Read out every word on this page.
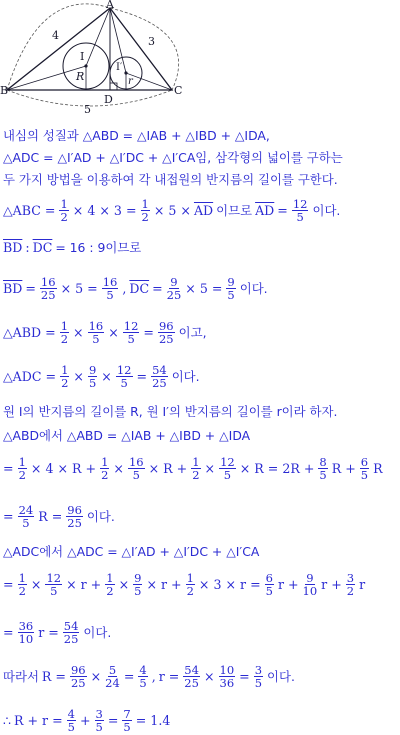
A
B	C
D
I
I′
R	r
4	3
5
내심의 성질과 △ABD = △IAB + △IBD + △IDA,
△ADC = △I′AD + △I′DC + △I′CA임, 삼각형의 넓이를 구하는
두 가지 방법을 이용하여 각 내접원의 반지름의 길이를 구한다.
△ABC = $\frac{1}{2} \times 4 \times 3 = \frac{1}{2} \times 5 \times \overline{AD}$ 이므로 $\overline{AD} = \frac{12}{5}$ 이다.
$\overline{BD}$ : $\overline{DC} = 16$ : 9이므로
$\overline{BD} = \frac{16}{25} \times 5 = \frac{16}{5}$ , $\overline{DC} = \frac{9}{25} \times 5 = \frac{9}{5}$ 이다.
△ABD = $\frac{1}{2} \times \frac{16}{5} \times \frac{12}{5} = \frac{96}{25}$ 이고,
△ADC = $\frac{1}{2} \times \frac{9}{5} \times \frac{12}{5} = \frac{54}{25}$ 이다.
원 I의 반지름의 길이를 R, 원 I′의 반지름의 길이를 r이라 하자.
△ABD에서 △ABD = △IAB + △IBD + △IDA
= $\frac{1}{2} \times 4 \times R + \frac{1}{2} \times \frac{16}{5} \times R + \frac{1}{2} \times \frac{12}{5} \times R = 2R + \frac{8}{5}$ $R + \frac{6}{5}$ R
= $\frac{24}{5}$ $R = \frac{96}{25}$ 이다.
△ADC에서 △ADC = △I′AD + △I′DC + △I′CA
= $\frac{1}{2} \times \frac{12}{5} \times r + \frac{1}{2} \times \frac{9}{5} \times r + \frac{1}{2} \times 3 \times r = \frac{6}{5}$ $r + \frac{9}{10}$ $r + \frac{3}{2}$ r
= $\frac{36}{10}$ $r = \frac{54}{25}$ 이다.
따라서 $R = \frac{96}{25} \times \frac{5}{24} = \frac{4}{5}$ , $r = \frac{54}{25} \times \frac{10}{36} = \frac{3}{5}$ 이다.
∴ $R + r = \frac{4}{5} + \frac{3}{5} = \frac{7}{5} = 1.4$
